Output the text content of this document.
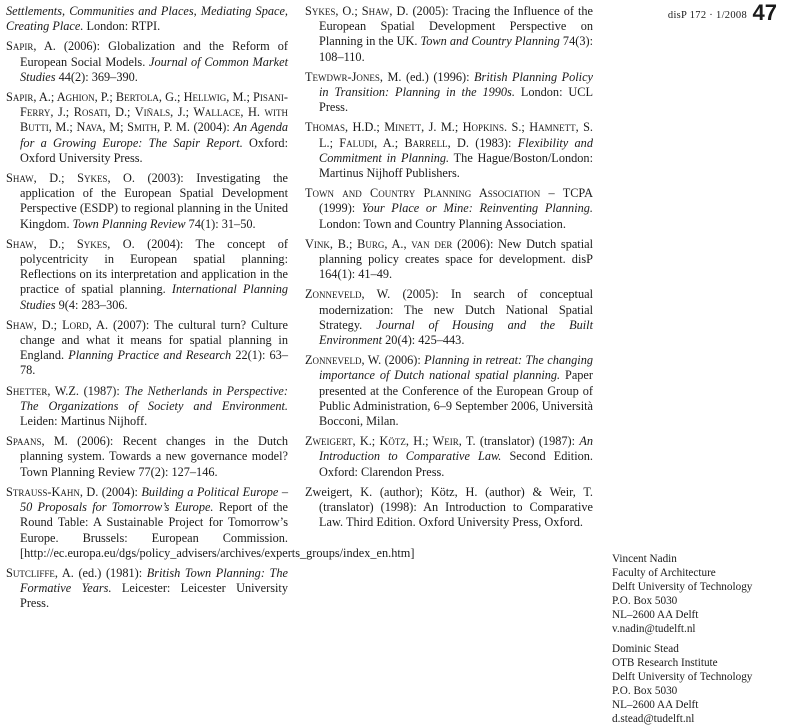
disP 172 · 1/2008 47

Settlements, Communities and Places, Mediating Space, Creating Place. London: RTPI.

Sapir, A. (2006): Globalization and the Reform of European Social Models. Journal of Common Market Studies 44(2): 369–390.

Sapir, A.; Aghion, P.; Bertola, G.; Hellwig, M.; Pisani-Ferry, J.; Rosati, D.; Viñals, J.; Wallace, H. with Butti, M.; Nava, M; Smith, P. M. (2004): An Agenda for a Growing Europe: The Sapir Report. Oxford: Oxford University Press.

Shaw, D.; Sykes, O. (2003): Investigating the application of the European Spatial Development Perspective (ESDP) to regional planning in the United Kingdom. Town Planning Review 74(1): 31–50.

Shaw, D.; Sykes, O. (2004): The concept of polycentricity in European spatial planning: Reflections on its interpretation and application in the practice of spatial planning. International Planning Studies 9(4: 283–306.

Shaw, D.; Lord, A. (2007): The cultural turn? Culture change and what it means for spatial planning in England. Planning Practice and Research 22(1): 63–78.

Shetter, W.Z. (1987): The Netherlands in Perspective: The Organizations of Society and Environment. Leiden: Martinus Nijhoff.

Spaans, M. (2006): Recent changes in the Dutch planning system. Towards a new governance model? Town Planning Review 77(2): 127–146.

Strauss-Kahn, D. (2004): Building a Political Europe – 50 Proposals for Tomorrow’s Europe. Report of the Round Table: A Sustainable Project for Tomorrow’s Europe. Brussels: European Commission. [http://ec.europa.eu/dgs/policy_advisers/archives/experts_groups/index_en.htm]

Sutcliffe, A. (ed.) (1981): British Town Planning: The Formative Years. Leicester: Leicester University Press.

Sykes, O.; Shaw, D. (2005): Tracing the Influence of the European Spatial Development Perspective on Planning in the UK. Town and Country Planning 74(3): 108–110.

Tewdwr-Jones, M. (ed.) (1996): British Planning Policy in Transition: Planning in the 1990s. London: UCL Press.

Thomas, H.D.; Minett, J. M.; Hopkins. S.; Hamnett, S. L.; Faludi, A.; Barrell, D. (1983): Flexibility and Commitment in Planning. The Hague/Boston/London: Martinus Nijhoff Publishers.

Town and Country Planning Association – TCPA (1999): Your Place or Mine: Reinventing Planning. London: Town and Country Planning Association.

Vink, B.; Burg, A., van der (2006): New Dutch spatial planning policy creates space for development. disP 164(1): 41–49.

Zonneveld, W. (2005): In search of conceptual modernization: The new Dutch National Spatial Strategy. Journal of Housing and the Built Environment 20(4): 425–443.

Zonneveld, W. (2006): Planning in retreat: The changing importance of Dutch national spatial planning. Paper presented at the Conference of the European Group of Public Administration, 6–9 September 2006, Università Bocconi, Milan.

Zweigert, K.; Kötz, H.; Weir, T. (translator) (1987): An Introduction to Comparative Law. Second Edition. Oxford: Clarendon Press.

Zweigert, K. (author); Kötz, H. (author) & Weir, T. (translator) (1998): An Introduction to Comparative Law. Third Edition. Oxford University Press, Oxford.

Vincent Nadin
Faculty of Architecture
Delft University of Technology
P.O. Box 5030
NL–2600 AA Delft
v.nadin@tudelft.nl
Dominic Stead
OTB Research Institute
Delft University of Technology
P.O. Box 5030
NL–2600 AA Delft
d.stead@tudelft.nl
